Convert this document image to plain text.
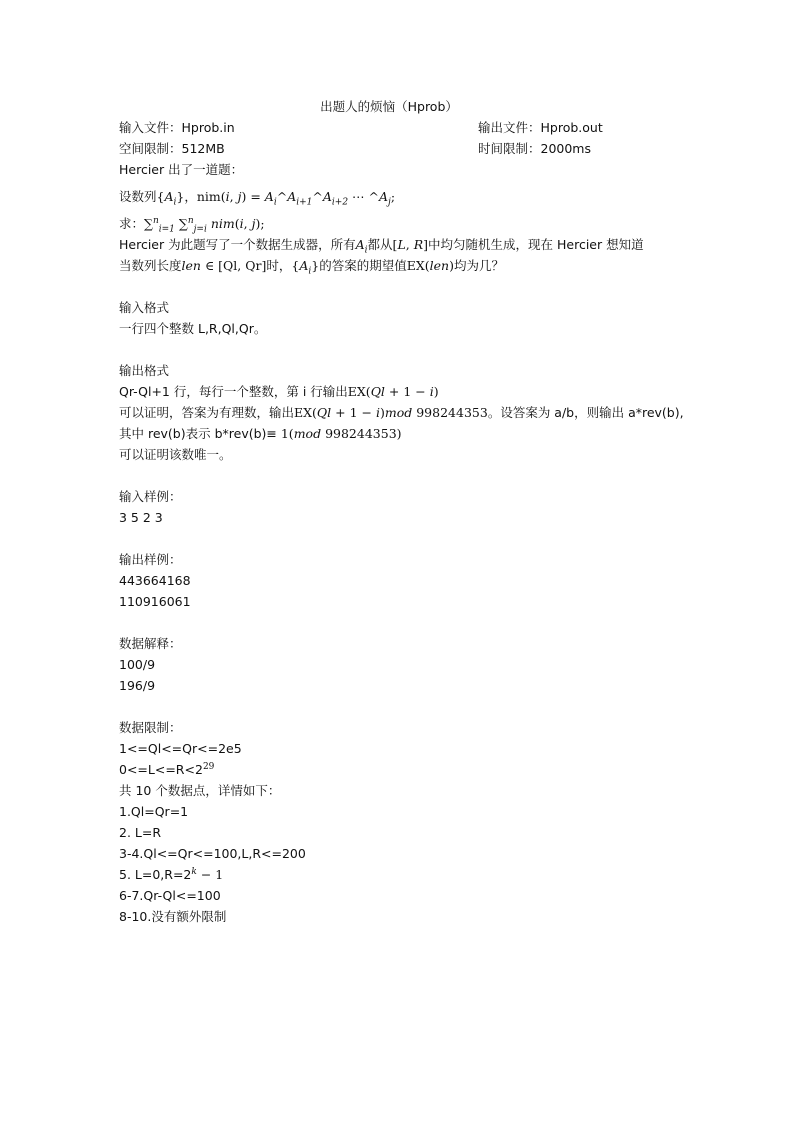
出题人的烦恼（Hprob）
输入文件：Hprob.in	输出文件：Hprob.out
空间限制：512MB	时间限制：2000ms
Hercier 出了一道题：
设数列$\{A_i\}$，nim(i, $j) = A_i\^{}A_{i+1}\^{}A_{i+2}$ ⋯ $\^{}A_j$;
求：∑$^n_{i=1}$ ∑$^n_{j=i}$ nim(i, j);
Hercier 为此题写了一个数据生成器，所有$A_i$都从[L, R]中均匀随机生成，现在 Hercier 想知道
当数列长度len ∈ [Ql, Qr]时，$\{A_i\}$的答案的期望值EX(len)均为几？
输入格式
一行四个整数 L,R,Ql,Qr。
输出格式
Qr-Ql+1 行，每行一个整数，第 i 行输出EX(Ql + 1 − i)
可以证明，答案为有理数，输出EX(Ql + 1 − i)mod 998244353。设答案为 a/b，则输出 a*rev(b),
其中 rev(b)表示 b*rev(b)≡ 1(mod 998244353)
可以证明该数唯一。
输入样例：
3 5 2 3
输出样例：
443664168
110916061
数据解释：
100/9
196/9
数据限制：
1<=Ql<=Qr<=2e5
$0<=L<=R<2^{29}$
共 10 个数据点，详情如下：
1.Ql=Qr=1
2. L=R
3-4.Ql<=Qr<=100,L,R<=200
5. $L=0,R=2^k - 1$
6-7.Qr-Ql<=100
8-10.没有额外限制
